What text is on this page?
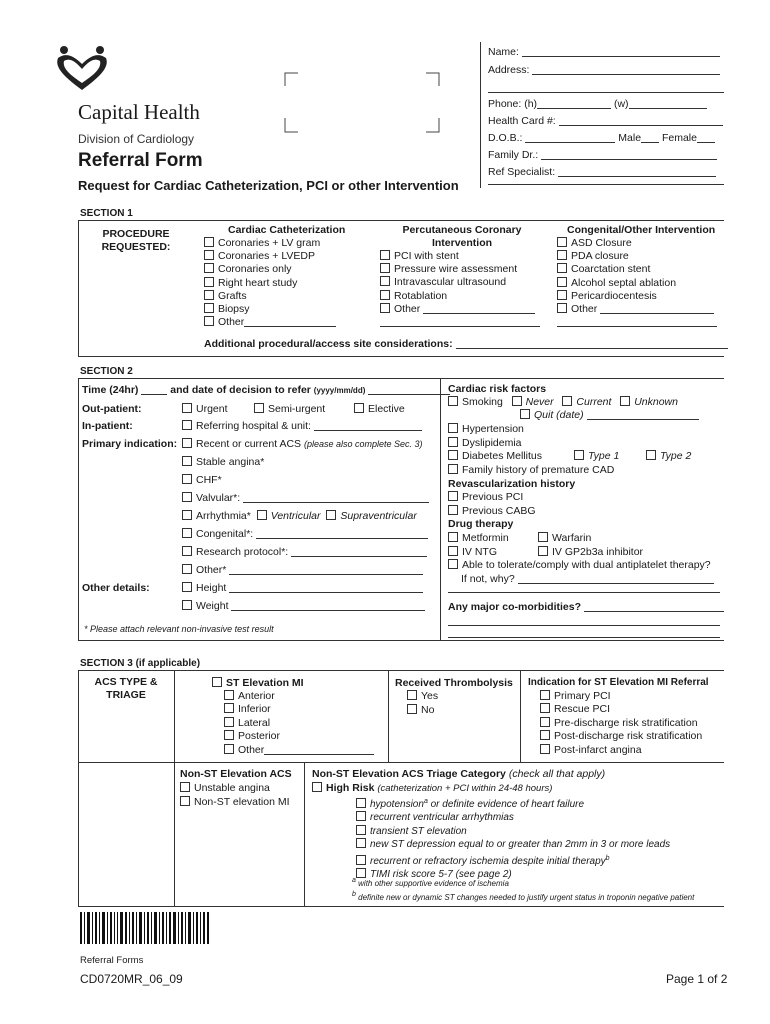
Capital Health
Division of Cardiology
Referral Form
Request for Cardiac Catheterization, PCI or other Intervention
Name:
Address:
Phone: (h)	(w)
Health Card #:
D.O.B.:	Male Female
Family Dr.:
Ref Specialist:
SECTION 1
PROCEDURE
REQUESTED:
Cardiac Catheterization
Coronaries + LV gram
Coronaries + LVEDP
Coronaries only
Right heart study
Grafts
Biopsy
Other
Percutaneous Coronary
Intervention
PCI with stent
Pressure wire assessment
Intravascular ultrasound
Rotablation
Other
Congenital/Other Intervention
ASD Closure
PDA closure
Coarctation stent
Alcohol septal ablation
Pericardiocentesis
Other
Additional procedural/access site considerations:
SECTION 2
Time (24hr)	and date of decision to refer (yyyy/mm/dd)
Out-patient:	Urgent	Semi-urgent	Elective
In-patient:	Referring hospital & unit:
Primary indication:	Recent or current ACS (please also complete Sec. 3)
Stable angina*
CHF*
Valvular*:
Arrhythmia* Ventricular Supraventricular
Congenital*:
Research protocol*:
Other*
Other details:	Height
Weight
* Please attach relevant non-invasive test result
Cardiac risk factors
Smoking Never Current Unknown
Quit (date)
Hypertension
Dyslipidemia
Diabetes Mellitus	Type 1	Type 2
Family history of premature CAD
Revascularization history
Previous PCI
Previous CABG
Drug therapy
Metformin	Warfarin
IV NTG	IV GP2b3a inhibitor
Able to tolerate/comply with dual antiplatelet therapy?
If not, why?
Any major co-morbidities?
SECTION 3 (if applicable)
ACS TYPE &
TRIAGE
ST Elevation MI
Anterior
Inferior
Lateral
Posterior
Other
Received Thrombolysis
Yes
No
Indication for ST Elevation MI Referral
Primary PCI
Rescue PCI
Pre-discharge risk stratification
Post-discharge risk stratification
Post-infarct angina
Non-ST Elevation ACS
Unstable angina
Non-ST elevation MI
Non-ST Elevation ACS Triage Category (check all that apply)
High Risk (catheterization + PCI within 24-48 hours)
hypotension$^a$ or definite evidence of heart failure
recurrent ventricular arrhythmias
transient ST elevation
new ST depression equal to or greater than 2mm in 3 or more leads
recurrent or refractory ischemia despite initial therapy$^b$
TIMI risk score 5-7 (see page 2)
a with other supportive evidence of ischemia
b definite new or dynamic ST changes needed to justify urgent status in troponin negative patient
Referral Forms
CD0720MR_06_09	Page 1 of 2
